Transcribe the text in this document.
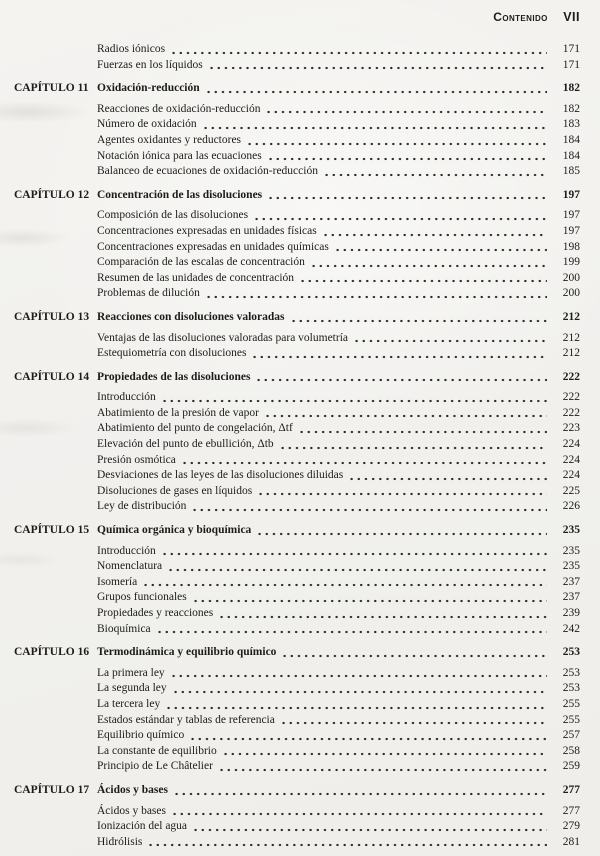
Contenido VII
Radios iónicos	171
Fuerzas en los líquidos	171
CAPÍTULO 11 Oxidación-reducción	182
Reacciones de oxidación-reducción	182
Número de oxidación	183
Agentes oxidantes y reductores	184
Notación iónica para las ecuaciones	184
Balanceo de ecuaciones de oxidación-reducción	185
CAPÍTULO 12 Concentración de las disoluciones	197
Composición de las disoluciones	197
Concentraciones expresadas en unidades físicas	197
Concentraciones expresadas en unidades químicas	198
Comparación de las escalas de concentración	199
Resumen de las unidades de concentración	200
Problemas de dilución	200
CAPÍTULO 13 Reacciones con disoluciones valoradas	212
Ventajas de las disoluciones valoradas para volumetría	212
Estequiometría con disoluciones	212
CAPÍTULO 14 Propiedades de las disoluciones	222
Introducción	222
Abatimiento de la presión de vapor	222
Abatimiento del punto de congelación, Δtf	223
Elevación del punto de ebullición, Δtb	224
Presión osmótica	224
Desviaciones de las leyes de las disoluciones diluidas	224
Disoluciones de gases en líquidos	225
Ley de distribución	226
CAPÍTULO 15 Química orgánica y bioquímica	235
Introducción	235
Nomenclatura	235
Isomería	237
Grupos funcionales	237
Propiedades y reacciones	239
Bioquímica	242
CAPÍTULO 16 Termodinámica y equilibrio químico	253
La primera ley	253
La segunda ley	253
La tercera ley	255
Estados estándar y tablas de referencia	255
Equilibrio químico	257
La constante de equilibrio	258
Principio de Le Châtelier	259
CAPÍTULO 17 Ácidos y bases	277
Ácidos y bases	277
Ionización del agua	279
Hidrólisis	281
